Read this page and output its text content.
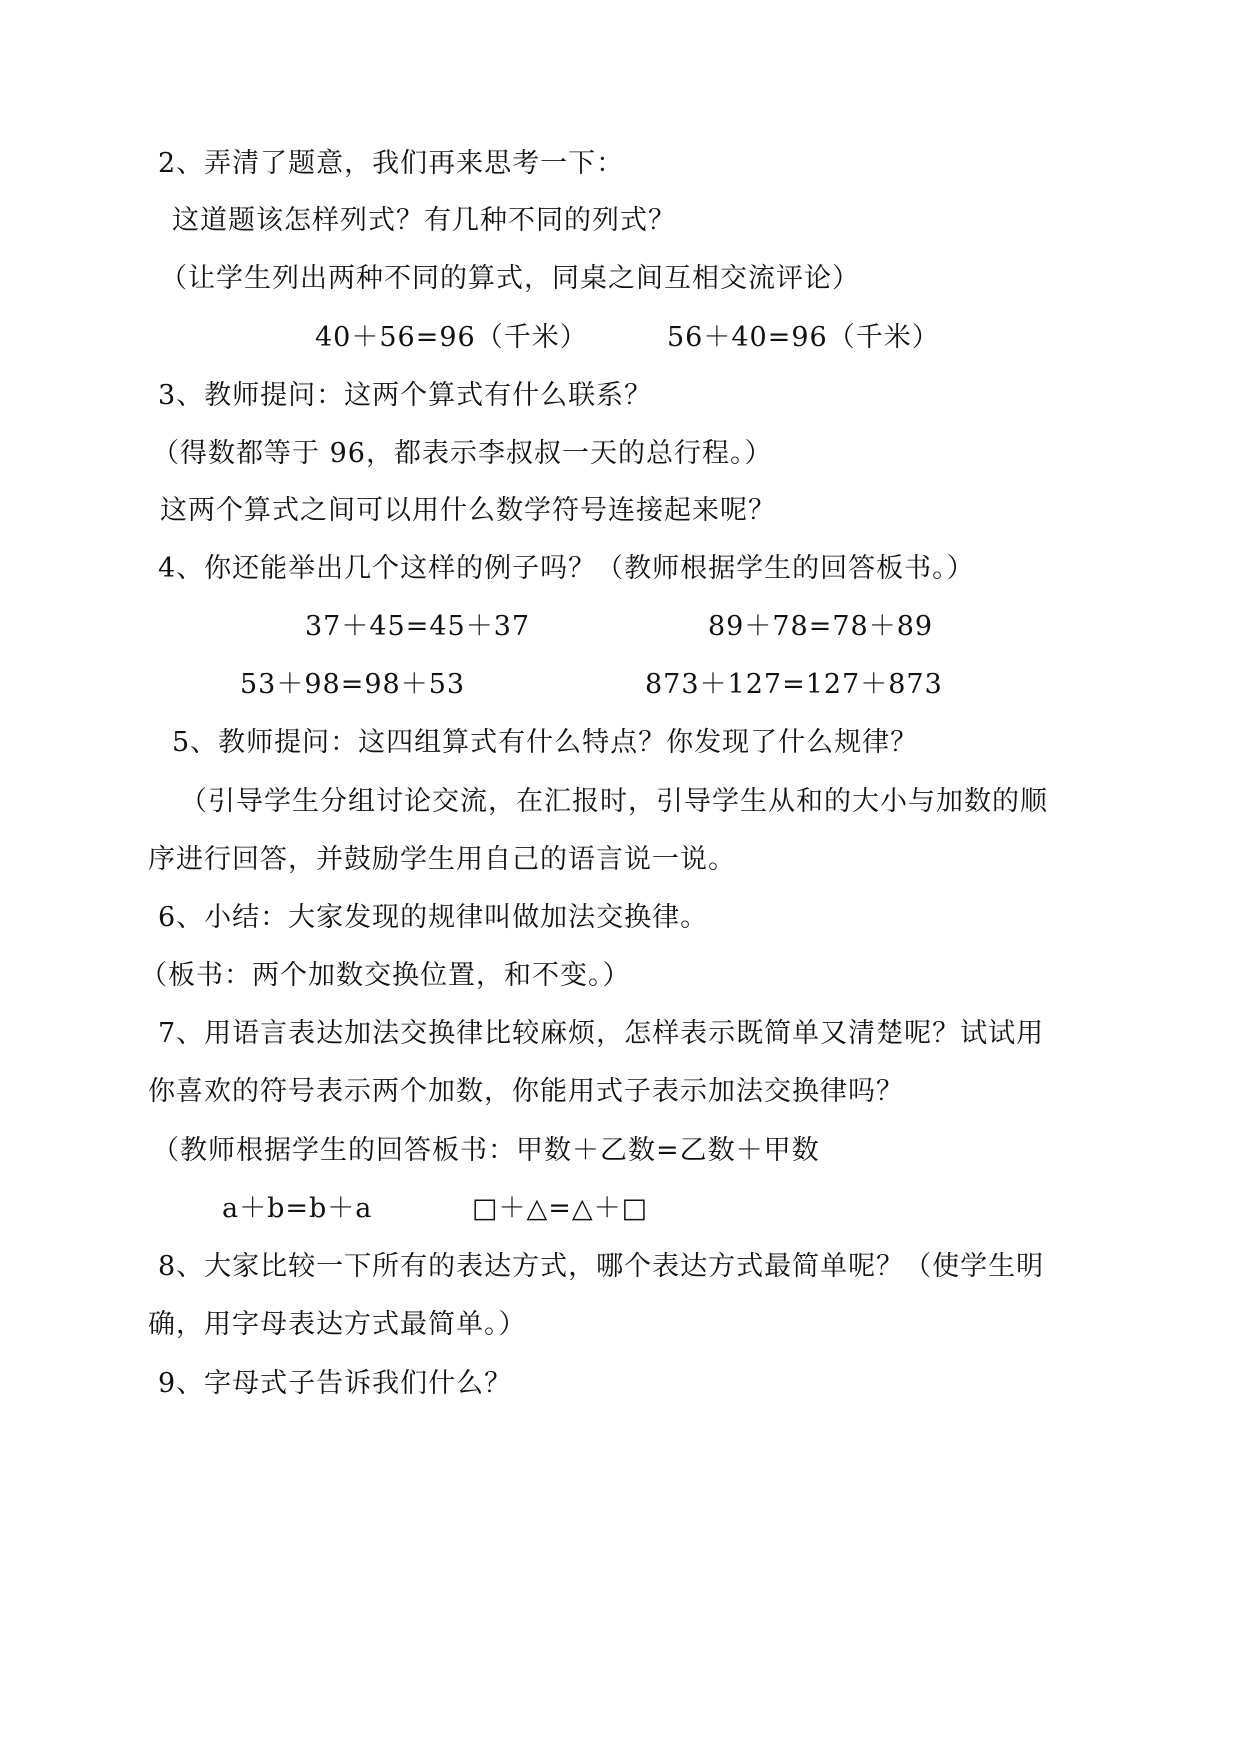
2、弄清了题意，我们再来思考一下：
这道题该怎样列式？有几种不同的列式？
（让学生列出两种不同的算式，同桌之间互相交流评论）
40＋56=96（千米）	56＋40=96（千米）
3、教师提问：这两个算式有什么联系？
（得数都等于 96，都表示李叔叔一天的总行程。）
这两个算式之间可以用什么数学符号连接起来呢？
4、你还能举出几个这样的例子吗？（教师根据学生的回答板书。）
37＋45=45＋37	89＋78=78＋89
53＋98=98＋53	873＋127=127＋873
5、教师提问：这四组算式有什么特点？你发现了什么规律？
（引导学生分组讨论交流，在汇报时，引导学生从和的大小与加数的顺
序进行回答，并鼓励学生用自己的语言说一说。
6、小结：大家发现的规律叫做加法交换律。
（板书：两个加数交换位置，和不变。）
7、用语言表达加法交换律比较麻烦，怎样表示既简单又清楚呢？试试用
你喜欢的符号表示两个加数，你能用式子表示加法交换律吗？
（教师根据学生的回答板书：甲数＋乙数=乙数＋甲数
a＋b=b＋a	□＋△=△＋□
8、大家比较一下所有的表达方式，哪个表达方式最简单呢？（使学生明
确，用字母表达方式最简单。）
9、字母式子告诉我们什么？
